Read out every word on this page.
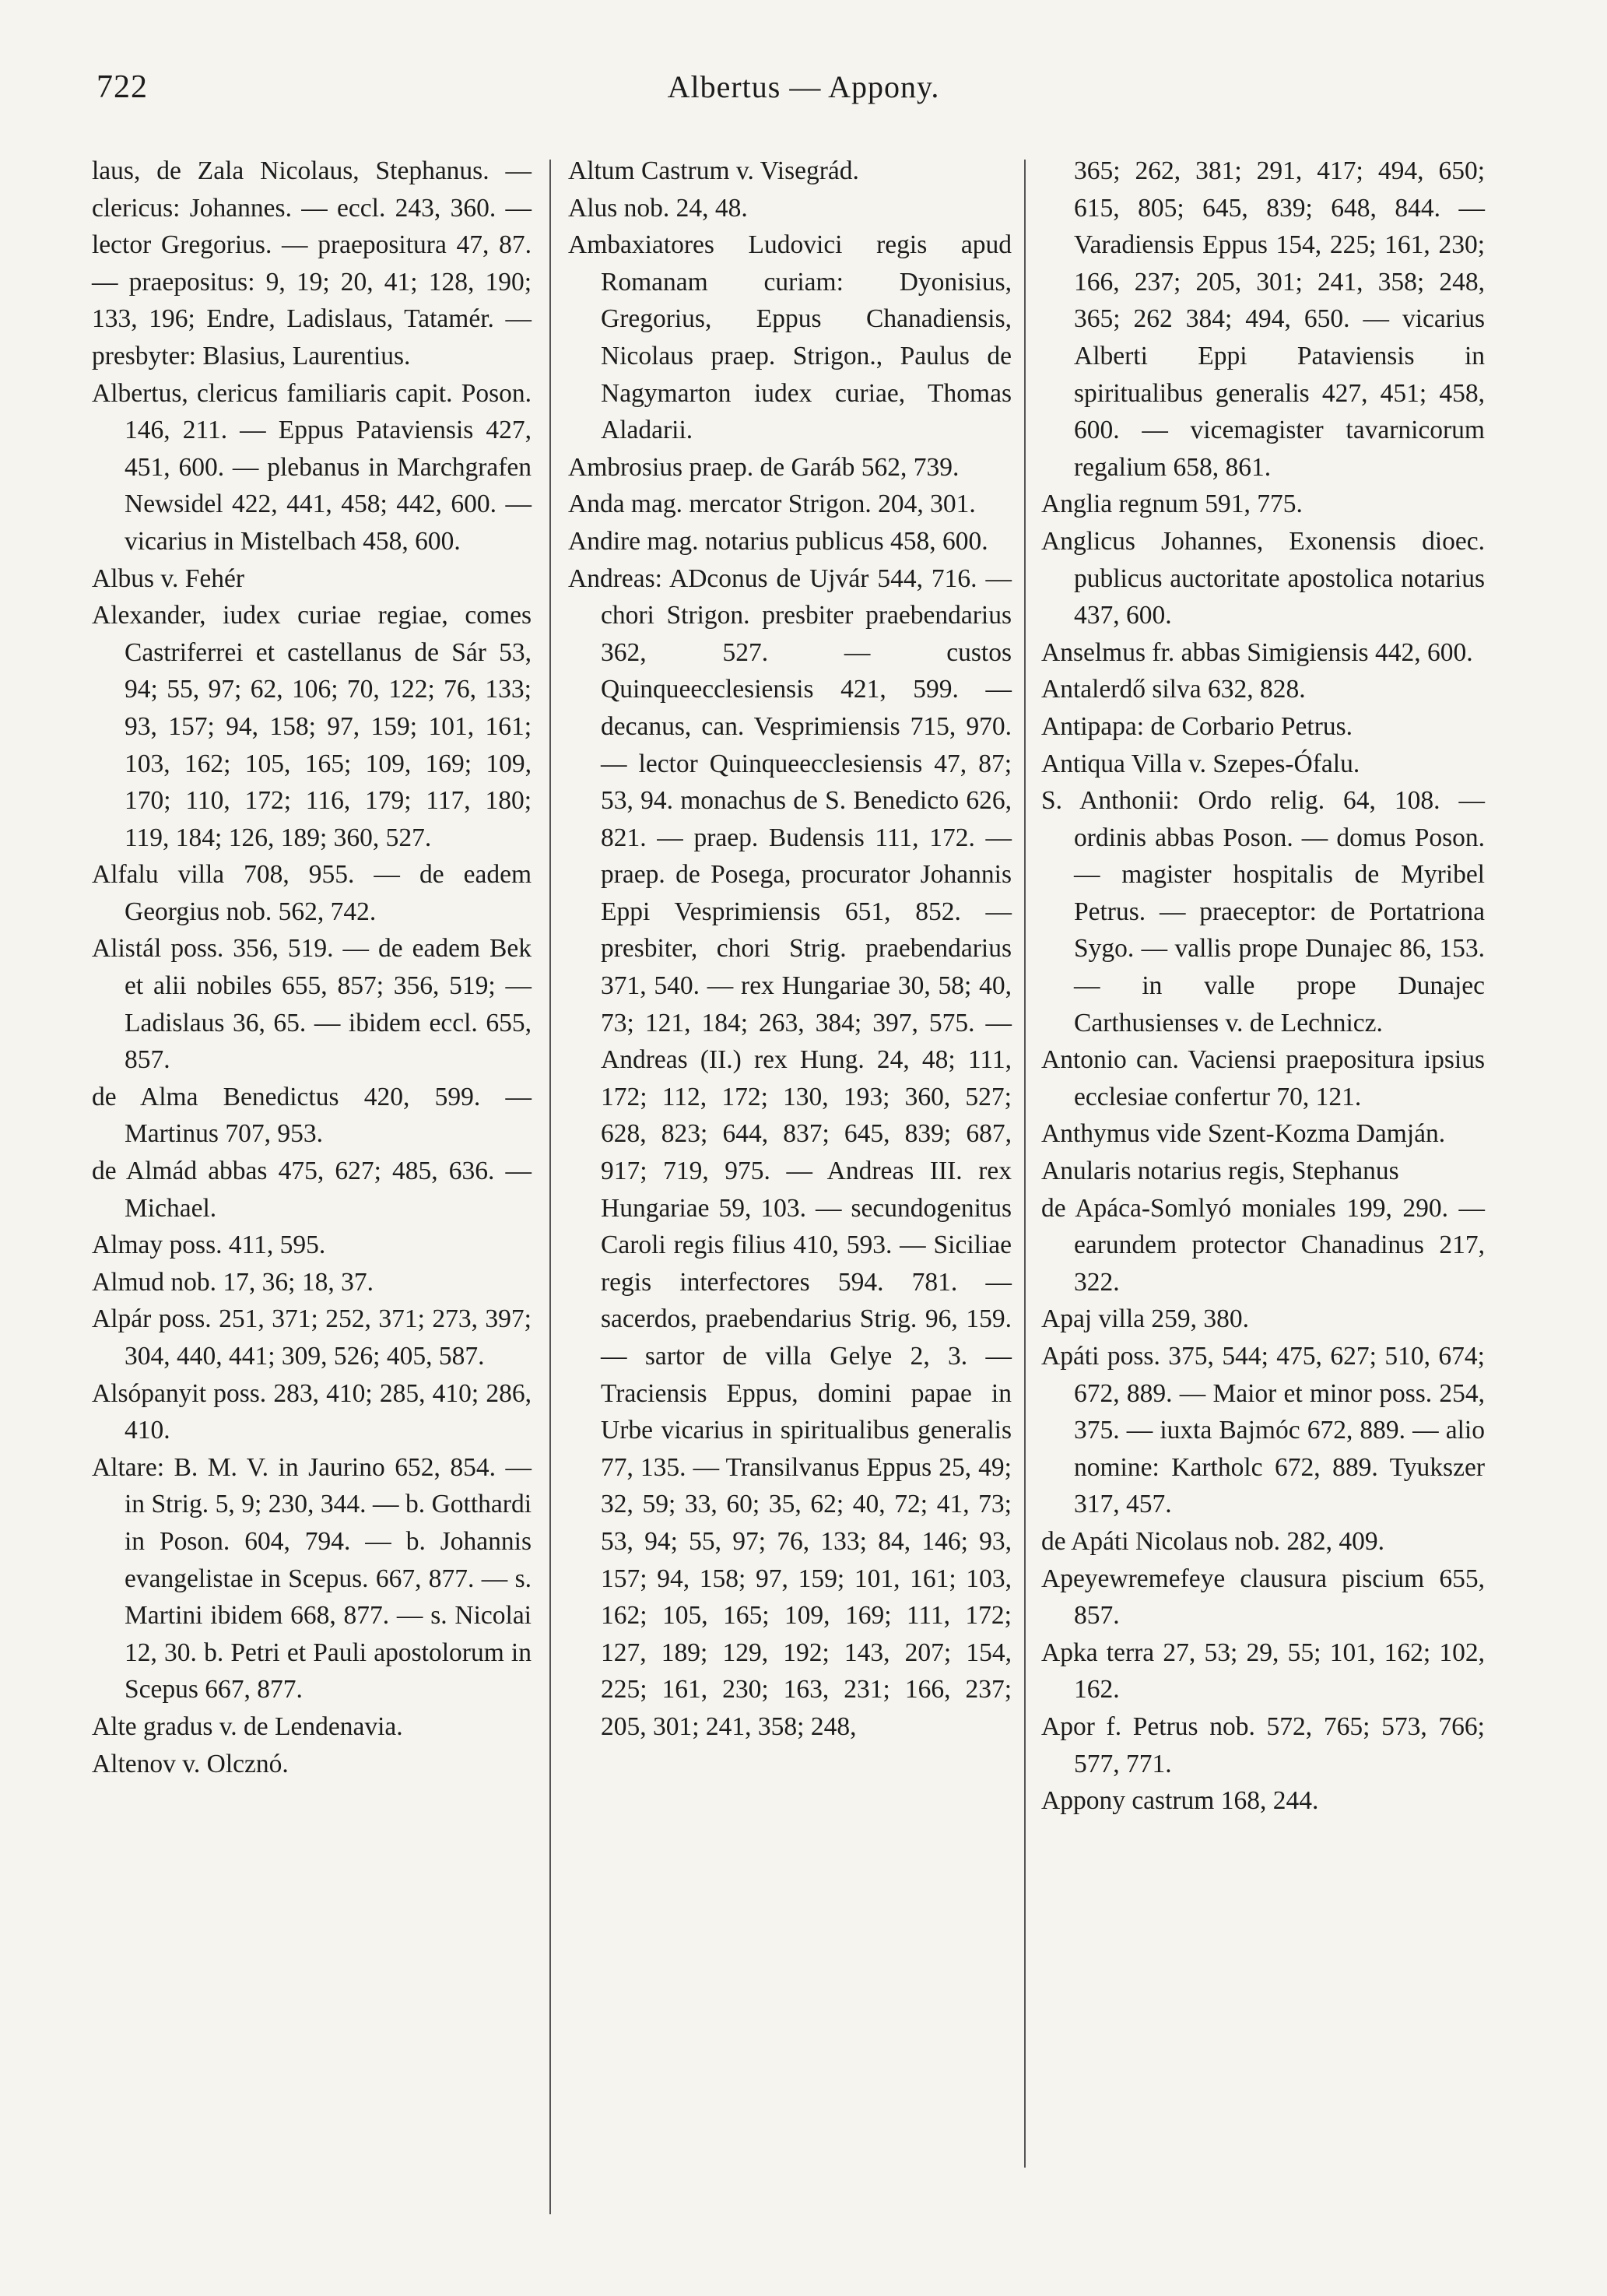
722	Albertus — Appony.

laus, de Zala Nicolaus, Stephanus. — clericus: Johannes. — eccl. 243, 360. — lector Gregorius. — praepositura 47, 87. — praepositus: 9, 19; 20, 41; 128, 190; 133, 196; Endre, Ladislaus, Tatamér. — presbyter: Blasius, Laurentius.

Albertus, clericus familiaris capit. Poson. 146, 211. — Eppus Pataviensis 427, 451, 600. — plebanus in Marchgrafen Newsidel 422, 441, 458; 442, 600. — vicarius in Mistelbach 458, 600.

Albus v. Fehér

Alexander, iudex curiae regiae, comes Castriferrei et castellanus de Sár 53, 94; 55, 97; 62, 106; 70, 122; 76, 133; 93, 157; 94, 158; 97, 159; 101, 161; 103, 162; 105, 165; 109, 169; 109, 170; 110, 172; 116, 179; 117, 180; 119, 184; 126, 189; 360, 527.

Alfalu villa 708, 955. — de eadem Georgius nob. 562, 742.

Alistál poss. 356, 519. — de eadem Bek et alii nobiles 655, 857; 356, 519; — Ladislaus 36, 65. — ibidem eccl. 655, 857.

de Alma Benedictus 420, 599. — Martinus 707, 953.

de Almád abbas 475, 627; 485, 636. — Michael.

Almay poss. 411, 595.

Almud nob. 17, 36; 18, 37.

Alpár poss. 251, 371; 252, 371; 273, 397; 304, 440, 441; 309, 526; 405, 587.

Alsópanyit poss. 283, 410; 285, 410; 286, 410.

Altare: B. M. V. in Jaurino 652, 854. — in Strig. 5, 9; 230, 344. — b. Gotthardi in Poson. 604, 794. — b. Johannis evangelistae in Scepus. 667, 877. — s. Martini ibidem 668, 877. — s. Nicolai 12, 30. b. Petri et Pauli apostolorum in Scepus 667, 877.

Alte gradus v. de Lendenavia.

Altenov v. Olcznó.

Altum Castrum v. Visegrád.

Alus nob. 24, 48.

Ambaxiatores Ludovici regis apud Romanam curiam: Dyonisius, Gregorius, Eppus Chanadiensis, Nicolaus praep. Strigon., Paulus de Nagymarton iudex curiae, Thomas Aladarii.

Ambrosius praep. de Garáb 562, 739.

Anda mag. mercator Strigon. 204, 301.

Andire mag. notarius publicus 458, 600.

Andreas: ADconus de Ujvár 544, 716. — chori Strigon. presbiter praebendarius 362, 527. — custos Quinqueecclesiensis 421, 599. — decanus, can. Vesprimiensis 715, 970. — lector Quinqueecclesiensis 47, 87; 53, 94. monachus de S. Benedicto 626, 821. — praep. Budensis 111, 172. — praep. de Posega, procurator Johannis Eppi Vesprimiensis 651, 852. — presbiter, chori Strig. praebendarius 371, 540. — rex Hungariae 30, 58; 40, 73; 121, 184; 263, 384; 397, 575. — Andreas (II.) rex Hung. 24, 48; 111, 172; 112, 172; 130, 193; 360, 527; 628, 823; 644, 837; 645, 839; 687, 917; 719, 975. — Andreas III. rex Hungariae 59, 103. — secundogenitus Caroli regis filius 410, 593. — Siciliae regis interfectores 594. 781. — sacerdos, praebendarius Strig. 96, 159. — sartor de villa Gelye 2, 3. — Traciensis Eppus, domini papae in Urbe vicarius in spiritualibus generalis 77, 135. — Transilvanus Eppus 25, 49; 32, 59; 33, 60; 35, 62; 40, 72; 41, 73; 53, 94; 55, 97; 76, 133; 84, 146; 93, 157; 94, 158; 97, 159; 101, 161; 103, 162; 105, 165; 109, 169; 111, 172; 127, 189; 129, 192; 143, 207; 154, 225; 161, 230; 163, 231; 166, 237; 205, 301; 241, 358; 248,

365; 262, 381; 291, 417; 494, 650; 615, 805; 645, 839; 648, 844. — Varadiensis Eppus 154, 225; 161, 230; 166, 237; 205, 301; 241, 358; 248, 365; 262 384; 494, 650. — vicarius Alberti Eppi Pataviensis in spiritualibus generalis 427, 451; 458, 600. — vicemagister tavarnicorum regalium 658, 861.

Anglia regnum 591, 775.

Anglicus Johannes, Exonensis dioec. publicus auctoritate apostolica notarius 437, 600.

Anselmus fr. abbas Simigiensis 442, 600.

Antalerdő silva 632, 828.

Antipapa: de Corbario Petrus.

Antiqua Villa v. Szepes-Ófalu.

S. Anthonii: Ordo relig. 64, 108. — ordinis abbas Poson. — domus Poson. — magister hospitalis de Myribel Petrus. — praeceptor: de Portatriona Sygo. — vallis prope Dunajec 86, 153. — in valle prope Dunajec Carthusienses v. de Lechnicz.

Antonio can. Vaciensi praepositura ipsius ecclesiae confertur 70, 121.

Anthymus vide Szent-Kozma Damján.

Anularis notarius regis, Stephanus

de Apáca-Somlyó moniales 199, 290. — earundem protector Chanadinus 217, 322.

Apaj villa 259, 380.

Apáti poss. 375, 544; 475, 627; 510, 674; 672, 889. — Maior et minor poss. 254, 375. — iuxta Bajmóc 672, 889. — alio nomine: Kartholc 672, 889. Tyukszer 317, 457.

de Apáti Nicolaus nob. 282, 409.

Apeyewremefeye clausura piscium 655, 857.

Apka terra 27, 53; 29, 55; 101, 162; 102, 162.

Apor f. Petrus nob. 572, 765; 573, 766; 577, 771.

Appony castrum 168, 244.
